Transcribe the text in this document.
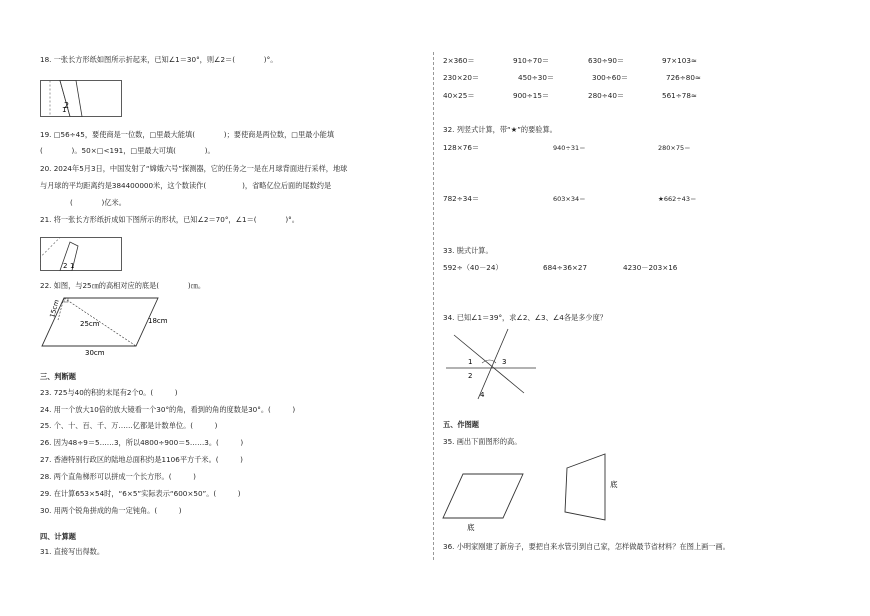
18. 一张长方形纸如图所示折起来，已知∠1＝30°，则∠2＝(　　　　)°。
1
2
19. □56÷45，要使商是一位数，□里最大能填(　　　　)；要使商是两位数，□里最小能填
(　　　　)。50×□<191，□里最大可填(　　　　)。
20. 2024年5月3日，中国发射了“嫦娥六号”探测器，它的任务之一是在月球背面进行采样，地球
与月球的平均距离约是384400000米，这个数读作(　　　　　)，省略亿位后面的尾数约是
(　　　　)亿米。
21. 将一张长方形纸折成如下图所示的形状，已知∠2＝70°，∠1＝(　　　　)°。
2 1
22. 如图，与25㎝的高相对应的底是(　　　　)㎝。
15cm
25cm	18cm
30cm
三、判断题
23. 725与40的积的末尾有2个0。(　　　)
24. 用一个放大10倍的放大镜看一个30°的角，看到的角的度数是30°。(　　　)
25. 个、十、百、千、万……亿都是计数单位。(　　　)
26. 因为48÷9＝5……3，所以4800÷900＝5……3。(　　　)
27. 香港特别行政区的陆地总面积约是1106平方千米。(　　　)
28. 两个直角梯形可以拼成一个长方形。(　　　)
29. 在计算653×54时，“6×5”实际表示“600×50”。(　　　)
30. 用两个锐角拼成的角一定钝角。(　　　)
四、计算题
31. 直接写出得数。
2×360＝	910÷70＝	630÷90＝	97×103≈
230×20＝	450÷30＝	300÷60＝	726÷80≈
40×25＝	900÷15＝	280÷40＝	561÷78≈
32. 列竖式计算，带“★”的要验算。
128×76＝	940÷31＝	280×75＝
782÷34＝	603×34＝	★662÷43＝
33. 脱式计算。
592÷（40－24）	684÷36×27	4230－203×16
34. 已知∠1＝39°，求∠2、∠3、∠4各是多少度？
1
2
3
4
五、作图题
35. 画出下面图形的高。
底
底
36. 小明家刚建了新房子，要把自来水管引到自己家，怎样做最节省材料？在图上画一画。
